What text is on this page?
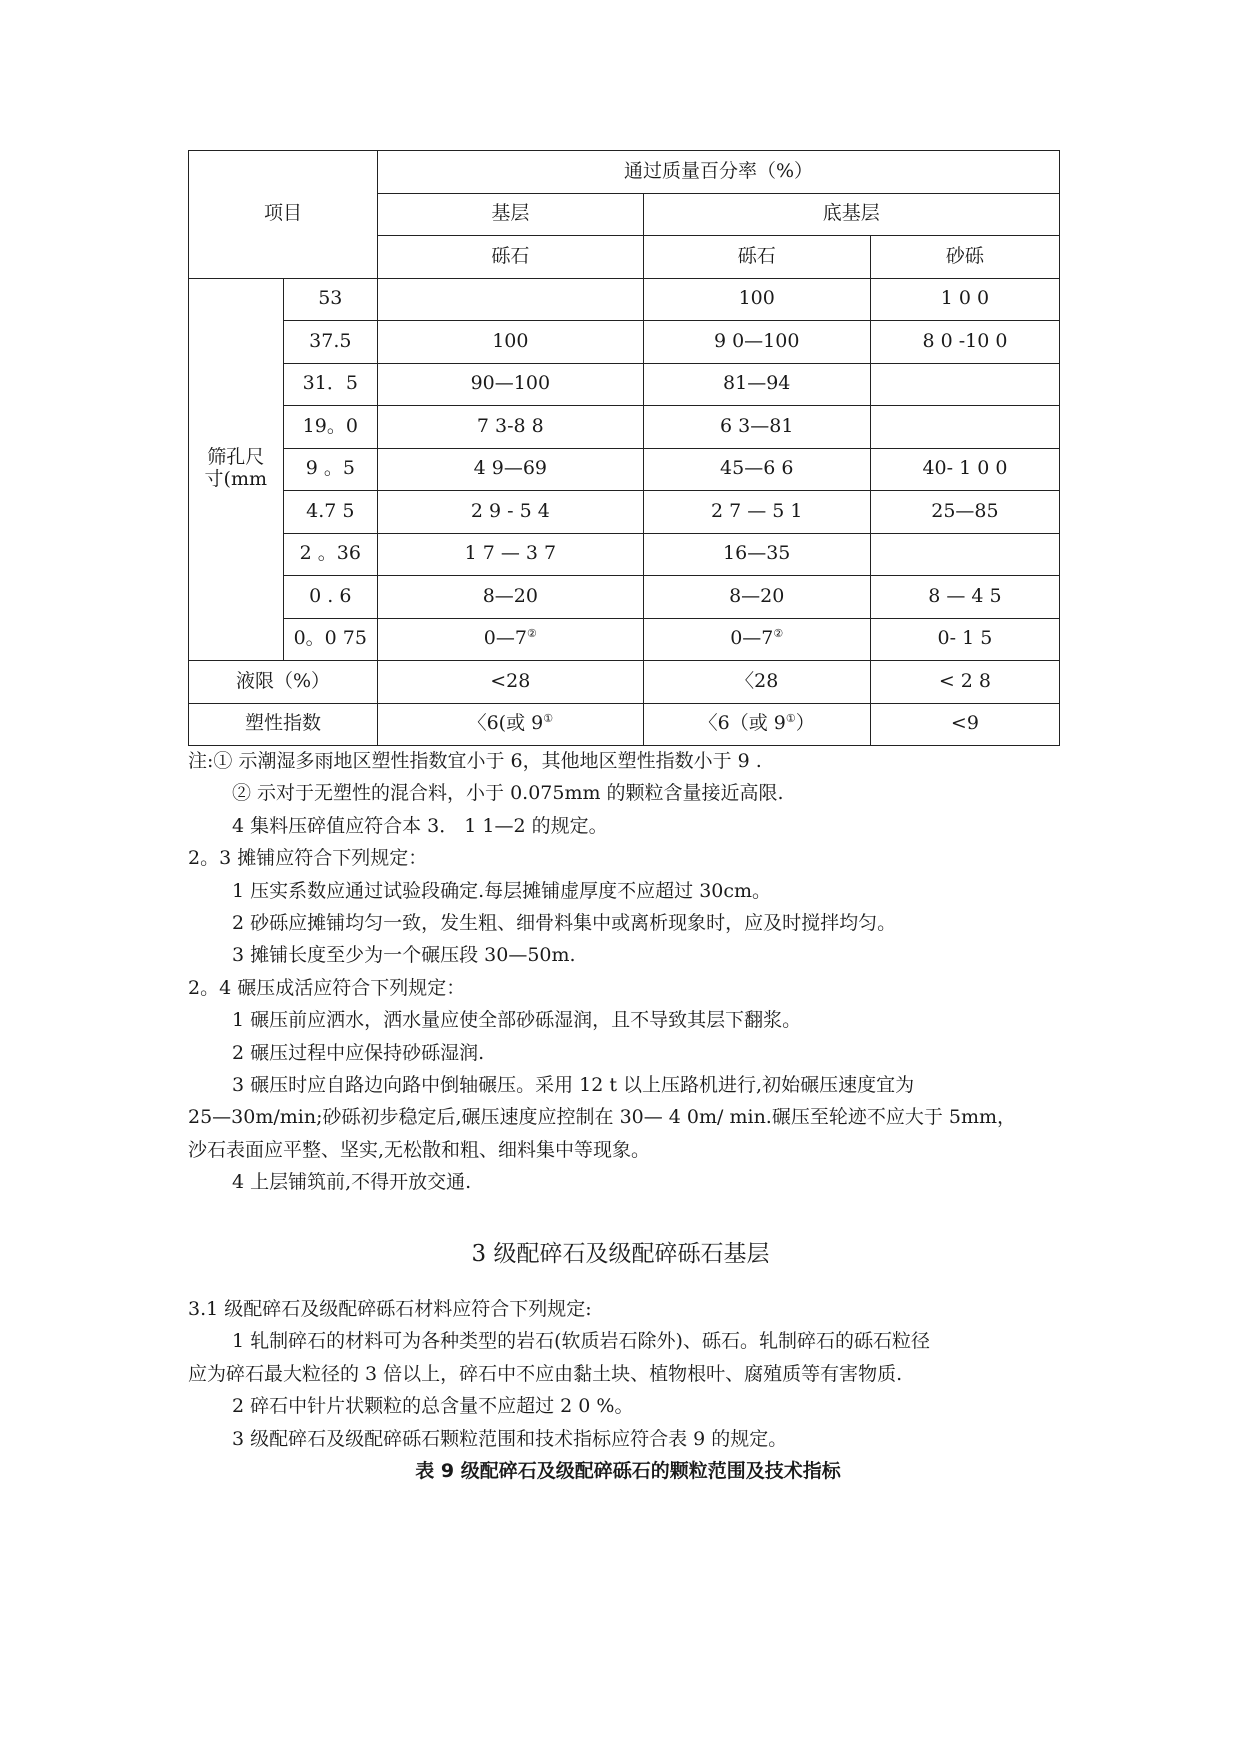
项目		通过质量百分率（%）		
		基层	底基层	
		砾石	砾石	砂砾
筛孔尺寸(mm	53		100	1 0 0
	37.5	100	9 0—100	8 0 -10 0
	31．5	90—100	81—94	
	19。0	7 3-8 8	6 3—81	
	9 。5	4 9—69	45—6 6	40- 1 0 0
	4.7 5	2 9 - 5 4	2 7 — 5 1	25—85
	2 。36	1 7 — 3 7	16—35	
	0 . 6	8—20	8—20	8 — 4 5
	0。0 75	0—7②	0—7②	0- 1 5
液限（%）		<28	〈28	< 2 8
塑性指数		〈6(或 9①	〈6（或 9①）	<9
注:① 示潮湿多雨地区塑性指数宜小于 6，其他地区塑性指数小于 9 .
② 示对于无塑性的混合料，小于 0.075mm 的颗粒含量接近高限.
4 集料压碎值应符合本 3． 1 1—2 的规定。
2。3 摊铺应符合下列规定：
1 压实系数应通过试验段确定.每层摊铺虚厚度不应超过 30cm。
2 砂砾应摊铺均匀一致，发生粗、细骨料集中或离析现象时，应及时搅拌均匀。
3 摊铺长度至少为一个碾压段 30—50m.
2。4 碾压成活应符合下列规定：
1 碾压前应洒水，洒水量应使全部砂砾湿润，且不导致其层下翻浆。
2 碾压过程中应保持砂砾湿润.
3 碾压时应自路边向路中倒轴碾压。采用 12 t 以上压路机进行,初始碾压速度宜为
25—30m/min;砂砾初步稳定后,碾压速度应控制在 30— 4 0m/ min.碾压至轮迹不应大于 5mm，
沙石表面应平整、坚实,无松散和粗、细料集中等现象。
4 上层铺筑前,不得开放交通.
3 级配碎石及级配碎砾石基层
3.1 级配碎石及级配碎砾石材料应符合下列规定:
1 轧制碎石的材料可为各种类型的岩石(软质岩石除外)、砾石。轧制碎石的砾石粒径
应为碎石最大粒径的 3 倍以上，碎石中不应由黏土块、植物根叶、腐殖质等有害物质.
2 碎石中针片状颗粒的总含量不应超过 2 0 %。
3 级配碎石及级配碎砾石颗粒范围和技术指标应符合表 9 的规定。
表 9 级配碎石及级配碎砾石的颗粒范围及技术指标
